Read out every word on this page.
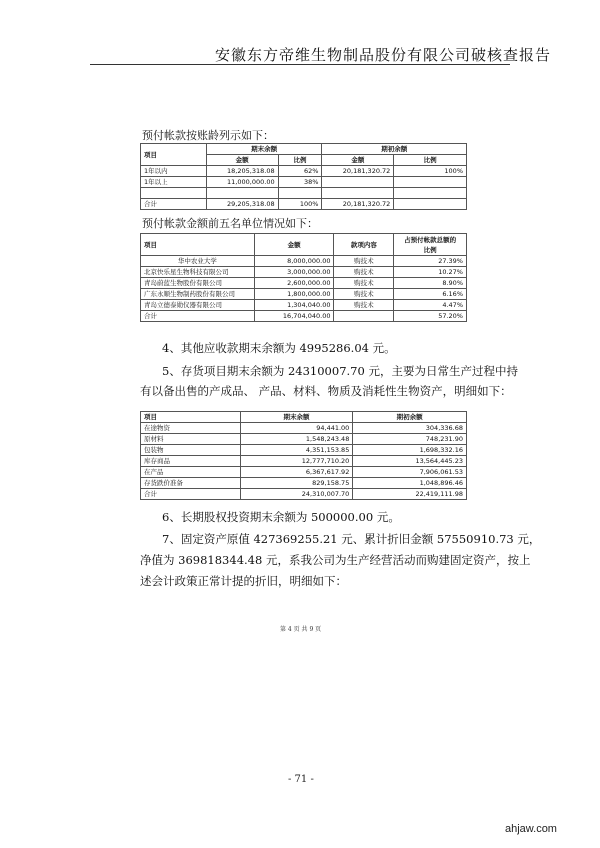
安徽东方帝维生物制品股份有限公司破核查报告
预付帐款按账龄列示如下：
项目	期末余额		期初余额	
	金额	比例	金额	比例
1年以内	18,205,318.08	62%	20,181,320.72	100%
1年以上	11,000,000.00	38%		

合计	29,205,318.08	100%	20,181,320.72	
预付帐款金额前五名单位情况如下：
项目	金额	款项内容	占预付帐款总额的
比例

华中农业大学	8,000,000.00	购技术	27.39%
北京快乐星生物科技有限公司	3,000,000.00	购技术	10.27%
青岛蔚蓝生物股份有限公司	2,600,000.00	购技术	8.90%
广东永顺生物制药股份有限公司	1,800,000.00	购技术	6.16%
青岛立德泰勋仪器有限公司	1,304,040.00	购技术	4.47%
合计	16,704,040.00		57.20%
4、其他应收款期末余额为 4995286.04 元。
5、存货项目期末余额为 24310007.70 元，主要为日常生产过程中持
有以备出售的产成品、 产品、材料、物质及消耗性生物资产，明细如下：
项目	期末余额	期初余额
在途物资	94,441.00	304,336.68
原材料	1,548,243.48	748,231.90
包装物	4,351,153.85	1,698,332.16
库存商品	12,777,710.20	13,564,445.23
在产品	6,367,617.92	7,906,061.53
存货跌价准备	829,158.75	1,048,896.46
合计	24,310,007.70	22,419,111.98
6、长期股权投资期末余额为 500000.00 元。
7、固定资产原值 427369255.21 元、累计折旧金额 57550910.73 元，
净值为 369818344.48 元，系我公司为生产经营活动而购建固定资产，按上
述会计政策正常计提的折旧，明细如下：
第 4 页 共 9 页
- 71 -
ahjaw.com
